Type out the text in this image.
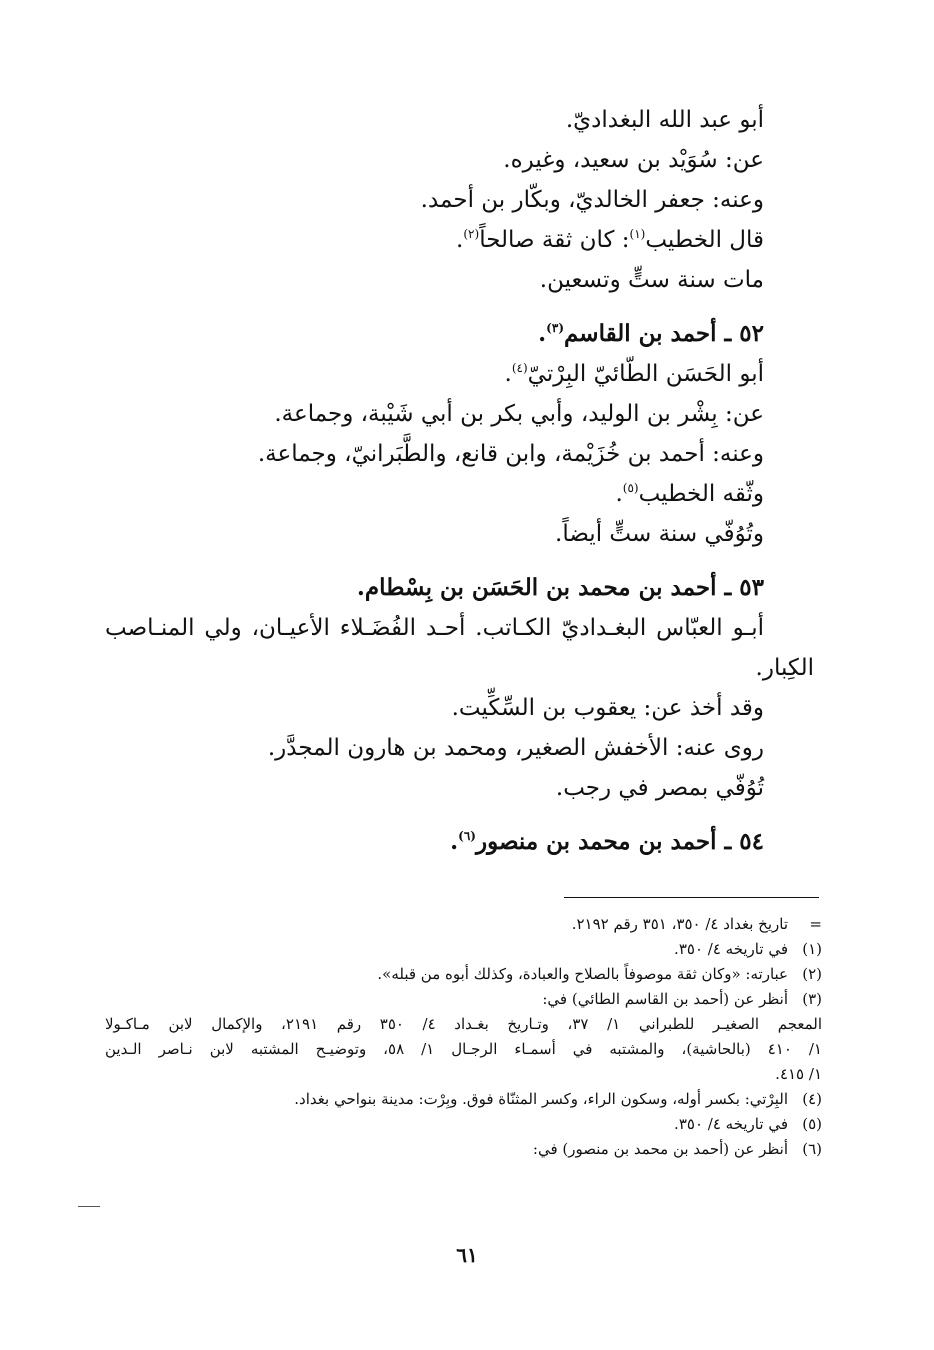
أبو عبد الله البغداديّ.
عن: سُوَيْد بن سعيد، وغيره.
وعنه: جعفر الخالديّ، وبكّار بن أحمد.
قال الخطيب$^{(١)}$: كان ثقة صالحاً$^{(٢)}$.
مات سنة ستٍّ وتسعين.
٥٢ ـ أحمد بن القاسم$^{(٣)}$.
أبو الحَسَن الطّائيّ البِرْتيّ$^{(٤)}$.
عن: بِشْر بن الوليد، وأبي بكر بن أبي شَيْبة، وجماعة.
وعنه: أحمد بن خُزَيْمة، وابن قانع، والطَّبَرانيّ، وجماعة.
وثّقه الخطيب$^{(٥)}$.
وتُوُفّي سنة ستٍّ أيضاً.
٥٣ ـ أحمد بن محمد بن الحَسَن بن بِسْطام.
أبـو العبّاس البغـداديّ الكـاتب. أحـد الفُضَـلاء الأعيـان، ولي المنـاصب
الكِبار.
وقد أخذ عن: يعقوب بن السِّكِّيت.
روى عنه: الأخفش الصغير، ومحمد بن هارون المجدَّر.
تُوُفّي بمصر في رجب.
٥٤ ـ أحمد بن محمد بن منصور$^{(٦)}$.
=
تاريخ بغداد ٤/ ٣٥٠، ٣٥١ رقم ٢١٩٢.
(١)
في تاريخه ٤/ ٣٥٠.
(٢)
عبارته: «وكان ثقة موصوفاً بالصلاح والعبادة، وكذلك أبوه من قبله».
(٣)
أنظر عن (أحمد بن القاسم الطائي) في:
المعجم الصغيـر للطبراني ١/ ٣٧، وتـاريخ بغـداد ٤/ ٣٥٠ رقم ٢١٩١، والإكمال لابن مـاكـولا
١/ ٤١٠ (بالحاشية)، والمشتبه في أسمـاء الرجـال ١/ ٥٨، وتوضيـح المشتبه لابن نـاصر الـدين
١/ ٤١٥.
(٤)
البِرْتي: بكسر أوله، وسكون الراء، وكسر المثنّاة فوق. وبِرْت: مدينة بنواحي بغداد.
(٥)
في تاريخه ٤/ ٣٥٠.
(٦)
أنظر عن (أحمد بن محمد بن منصور) في:
٦١
